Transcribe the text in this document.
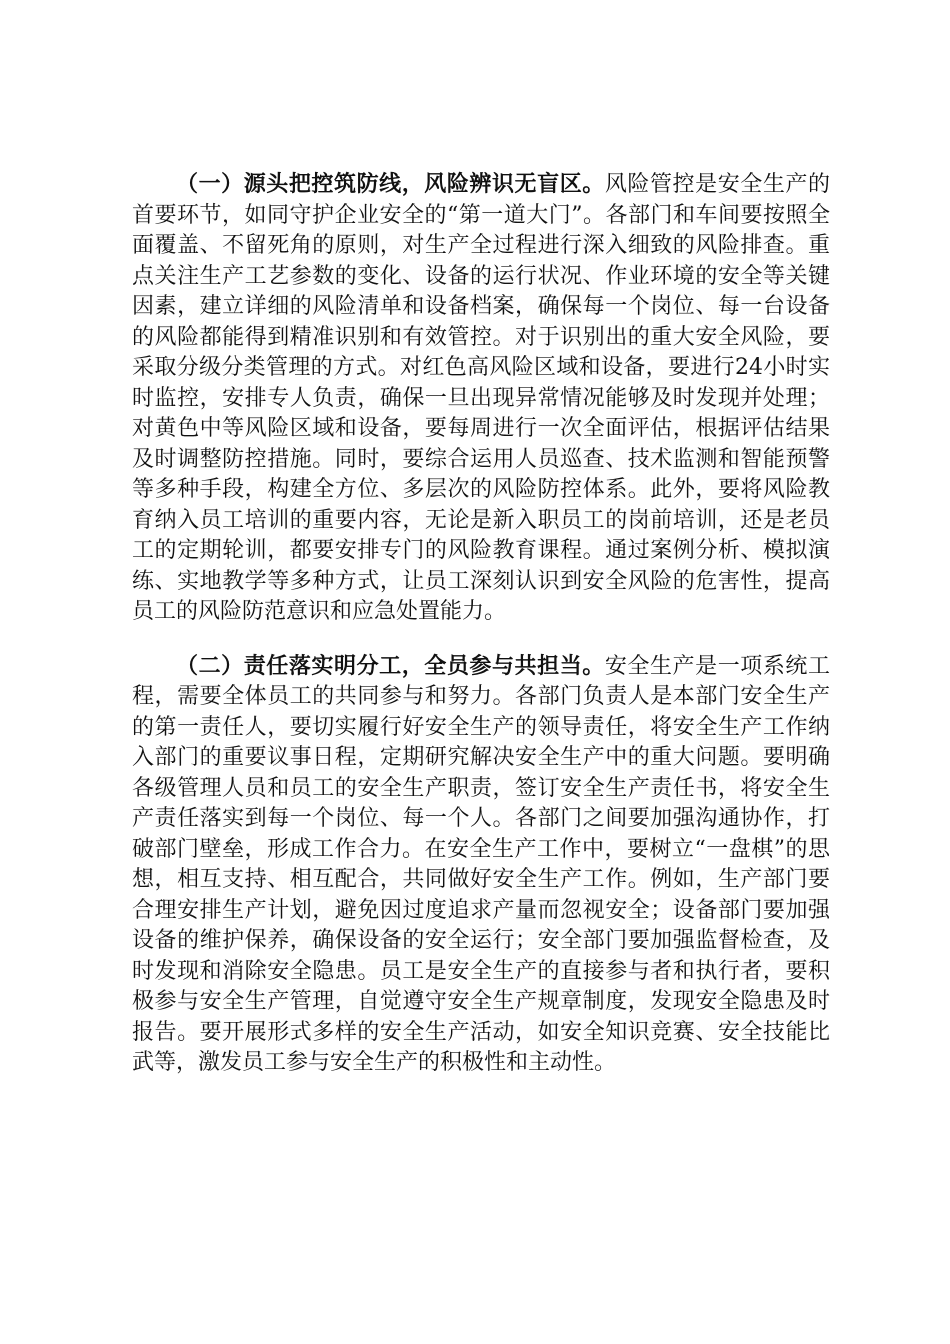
（一）源头把控筑防线，风险辨识无盲区。风险管控是安全生产的首要环节，如同守护企业安全的“第一道大门”。各部门和车间要按照全面覆盖、不留死角的原则，对生产全过程进行深入细致的风险排查。重点关注生产工艺参数的变化、设备的运行状况、作业环境的安全等关键因素，建立详细的风险清单和设备档案，确保每一个岗位、每一台设备的风险都能得到精准识别和有效管控。对于识别出的重大安全风险，要采取分级分类管理的方式。对红色高风险区域和设备，要进行24小时实时监控，安排专人负责，确保一旦出现异常情况能够及时发现并处理；对黄色中等风险区域和设备，要每周进行一次全面评估，根据评估结果及时调整防控措施。同时，要综合运用人员巡查、技术监测和智能预警等多种手段，构建全方位、多层次的风险防控体系。此外，要将风险教育纳入员工培训的重要内容，无论是新入职员工的岗前培训，还是老员工的定期轮训，都要安排专门的风险教育课程。通过案例分析、模拟演练、实地教学等多种方式，让员工深刻认识到安全风险的危害性，提高员工的风险防范意识和应急处置能力。

（二）责任落实明分工，全员参与共担当。安全生产是一项系统工程，需要全体员工的共同参与和努力。各部门负责人是本部门安全生产的第一责任人，要切实履行好安全生产的领导责任，将安全生产工作纳入部门的重要议事日程，定期研究解决安全生产中的重大问题。要明确各级管理人员和员工的安全生产职责，签订安全生产责任书，将安全生产责任落实到每一个岗位、每一个人。各部门之间要加强沟通协作，打破部门壁垒，形成工作合力。在安全生产工作中，要树立“一盘棋”的思想，相互支持、相互配合，共同做好安全生产工作。例如，生产部门要合理安排生产计划，避免因过度追求产量而忽视安全；设备部门要加强设备的维护保养，确保设备的安全运行；安全部门要加强监督检查，及时发现和消除安全隐患。员工是安全生产的直接参与者和执行者，要积极参与安全生产管理，自觉遵守安全生产规章制度，发现安全隐患及时报告。要开展形式多样的安全生产活动，如安全知识竞赛、安全技能比武等，激发员工参与安全生产的积极性和主动性。
